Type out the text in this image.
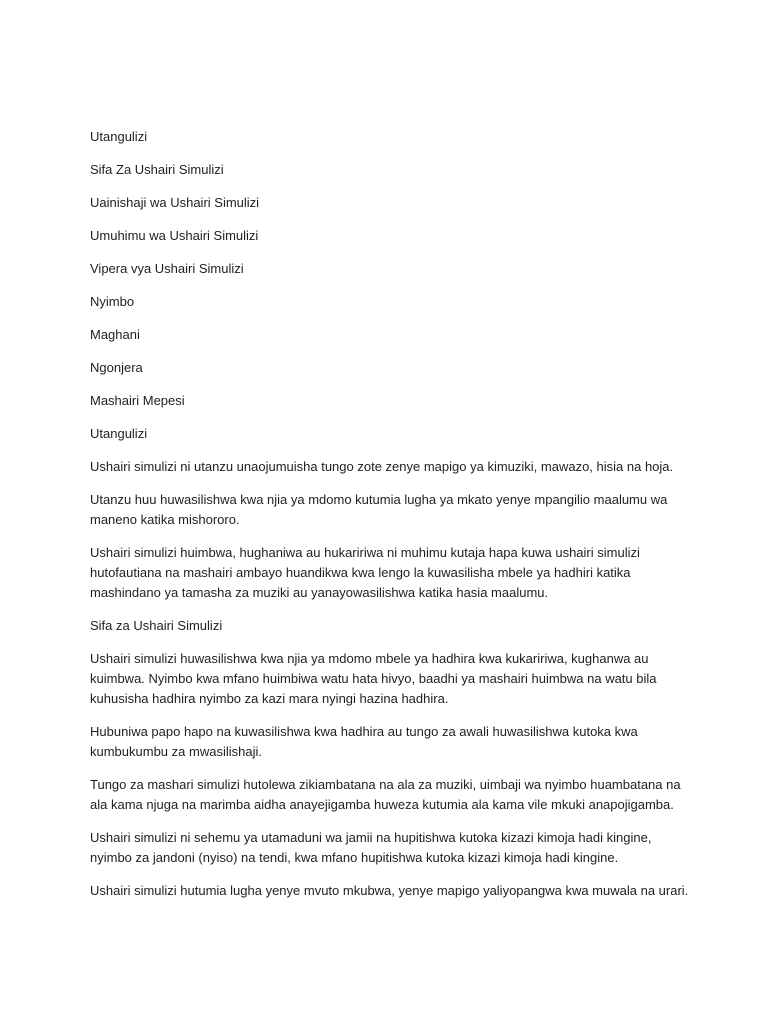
Utangulizi

Sifa Za Ushairi Simulizi

Uainishaji wa Ushairi Simulizi

Umuhimu wa Ushairi Simulizi

Vipera vya Ushairi Simulizi

Nyimbo

Maghani

Ngonjera

Mashairi Mepesi

Utangulizi

Ushairi simulizi ni utanzu unaojumuisha tungo zote zenye mapigo ya kimuziki, mawazo, hisia na hoja.

Utanzu huu huwasilishwa kwa njia ya mdomo kutumia lugha ya mkato yenye mpangilio maalumu wa maneno katika mishororo.

Ushairi simulizi huimbwa, hughaniwa au hukaririwa ni muhimu kutaja hapa kuwa ushairi simulizi hutofautiana na mashairi ambayo huandikwa kwa lengo la kuwasilisha mbele ya hadhiri katika mashindano ya tamasha za muziki au yanayowasilishwa katika hasia maalumu.

Sifa za Ushairi Simulizi

Ushairi simulizi huwasilishwa kwa njia ya mdomo mbele ya hadhira kwa kukaririwa, kughanwa au kuimbwa. Nyimbo kwa mfano huimbiwa watu hata hivyo, baadhi ya mashairi huimbwa na watu bila kuhusisha hadhira nyimbo za kazi mara nyingi hazina hadhira.

Hubuniwa papo hapo na kuwasilishwa kwa hadhira au tungo za awali huwasilishwa kutoka kwa kumbukumbu za mwasilishaji.

Tungo za mashari simulizi hutolewa zikiambatana na ala za muziki, uimbaji wa nyimbo huambatana na ala kama njuga na marimba aidha anayejigamba huweza kutumia ala kama vile mkuki anapojigamba.

Ushairi simulizi ni sehemu ya utamaduni wa jamii na hupitishwa kutoka kizazi kimoja hadi kingine, nyimbo za jandoni (nyiso) na tendi, kwa mfano hupitishwa kutoka kizazi kimoja hadi kingine.

Ushairi simulizi hutumia lugha yenye mvuto mkubwa, yenye mapigo yaliyopangwa kwa muwala na urari.
